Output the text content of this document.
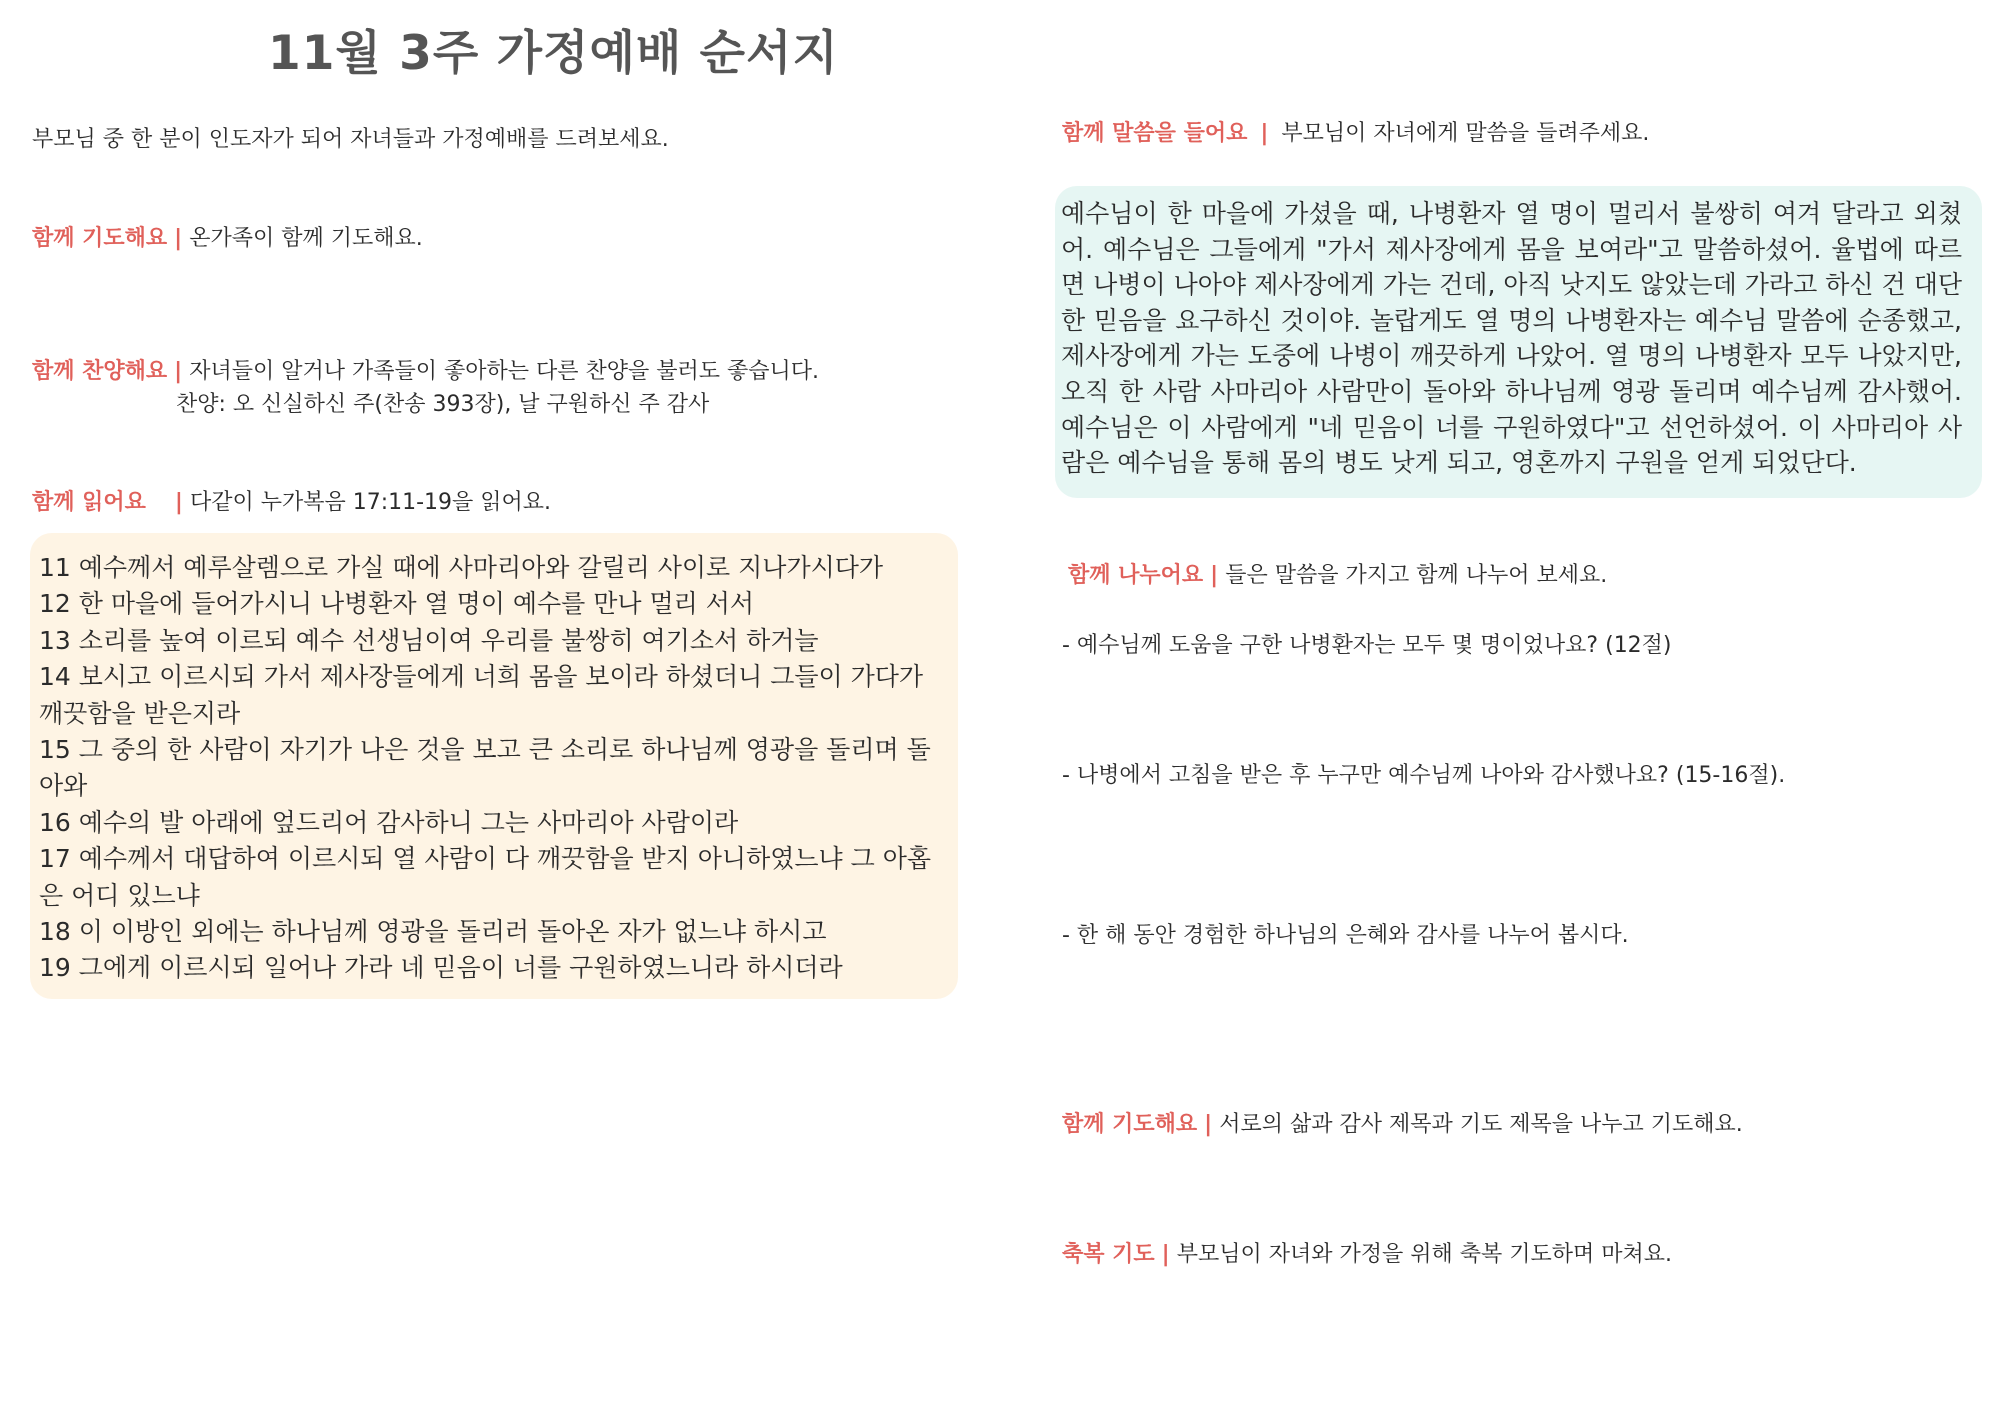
11월 3주 가정예배 순서지
부모님 중 한 분이 인도자가 되어 자녀들과 가정예배를 드려보세요.
함께 기도해요 | 온가족이 함께 기도해요.
함께 찬양해요 | 자녀들이 알거나 가족들이 좋아하는 다른 찬양을 불러도 좋습니다.
찬양: 오 신실하신 주(찬송 393장), 날 구원하신 주 감사
함께 읽어요 | 다같이 누가복음 17:11-19을 읽어요.
11 예수께서 예루살렘으로 가실 때에 사마리아와 갈릴리 사이로 지나가시다가
12 한 마을에 들어가시니 나병환자 열 명이 예수를 만나 멀리 서서
13 소리를 높여 이르되 예수 선생님이여 우리를 불쌍히 여기소서 하거늘
14 보시고 이르시되 가서 제사장들에게 너희 몸을 보이라 하셨더니 그들이 가다가 깨끗함을 받은지라
15 그 중의 한 사람이 자기가 나은 것을 보고 큰 소리로 하나님께 영광을 돌리며 돌아와
16 예수의 발 아래에 엎드리어 감사하니 그는 사마리아 사람이라
17 예수께서 대답하여 이르시되 열 사람이 다 깨끗함을 받지 아니하였느냐 그 아홉은 어디 있느냐
18 이 이방인 외에는 하나님께 영광을 돌리러 돌아온 자가 없느냐 하시고
19 그에게 이르시되 일어나 가라 네 믿음이 너를 구원하였느니라 하시더라
함께 말씀을 들어요 | 부모님이 자녀에게 말씀을 들려주세요.
예수님이 한 마을에 가셨을 때, 나병환자 열 명이 멀리서 불쌍히 여겨 달라고 외쳤어. 예수님은 그들에게 "가서 제사장에게 몸을 보여라"고 말씀하셨어. 율법에 따르면 나병이 나아야 제사장에게 가는 건데, 아직 낫지도 않았는데 가라고 하신 건 대단한 믿음을 요구하신 것이야. 놀랍게도 열 명의 나병환자는 예수님 말씀에 순종했고, 제사장에게 가는 도중에 나병이 깨끗하게 나았어. 열 명의 나병환자 모두 나았지만, 오직 한 사람 사마리아 사람만이 돌아와 하나님께 영광 돌리며 예수님께 감사했어. 예수님은 이 사람에게 "네 믿음이 너를 구원하였다"고 선언하셨어. 이 사마리아 사람은 예수님을 통해 몸의 병도 낫게 되고, 영혼까지 구원을 얻게 되었단다.
함께 나누어요 | 들은 말씀을 가지고 함께 나누어 보세요.
- 예수님께 도움을 구한 나병환자는 모두 몇 명이었나요? (12절)
- 나병에서 고침을 받은 후 누구만 예수님께 나아와 감사했나요? (15-16절).
- 한 해 동안 경험한 하나님의 은혜와 감사를 나누어 봅시다.
함께 기도해요 | 서로의 삶과 감사 제목과 기도 제목을 나누고 기도해요.
축복 기도 | 부모님이 자녀와 가정을 위해 축복 기도하며 마쳐요.
